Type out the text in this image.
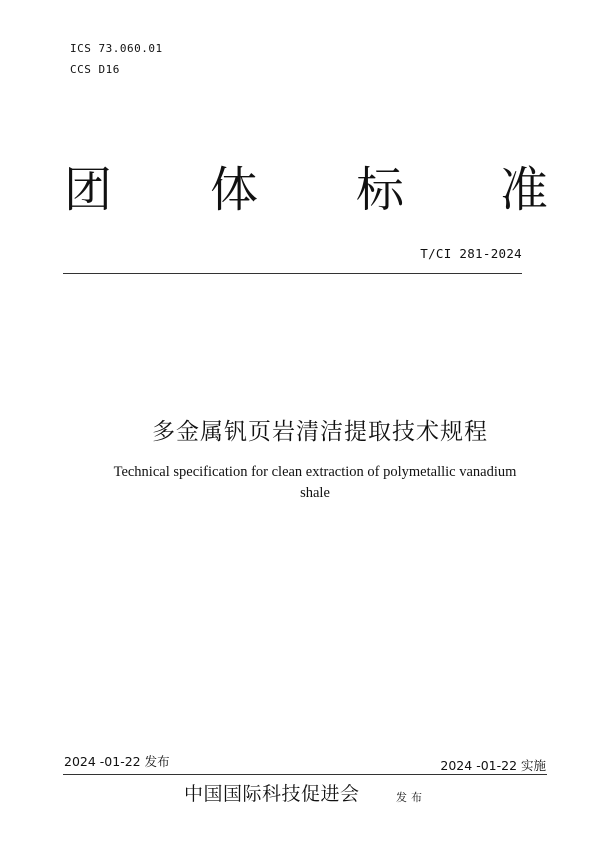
ICS 73.060.01
CCS D16
团 体 标 准
T/CI 281-2024
多金属钒页岩清洁提取技术规程
Technical specification for clean extraction of polymetallic vanadium shale
2024 -01-22 发布	2024 -01-22 实施
中国国际科技促进会	发布
